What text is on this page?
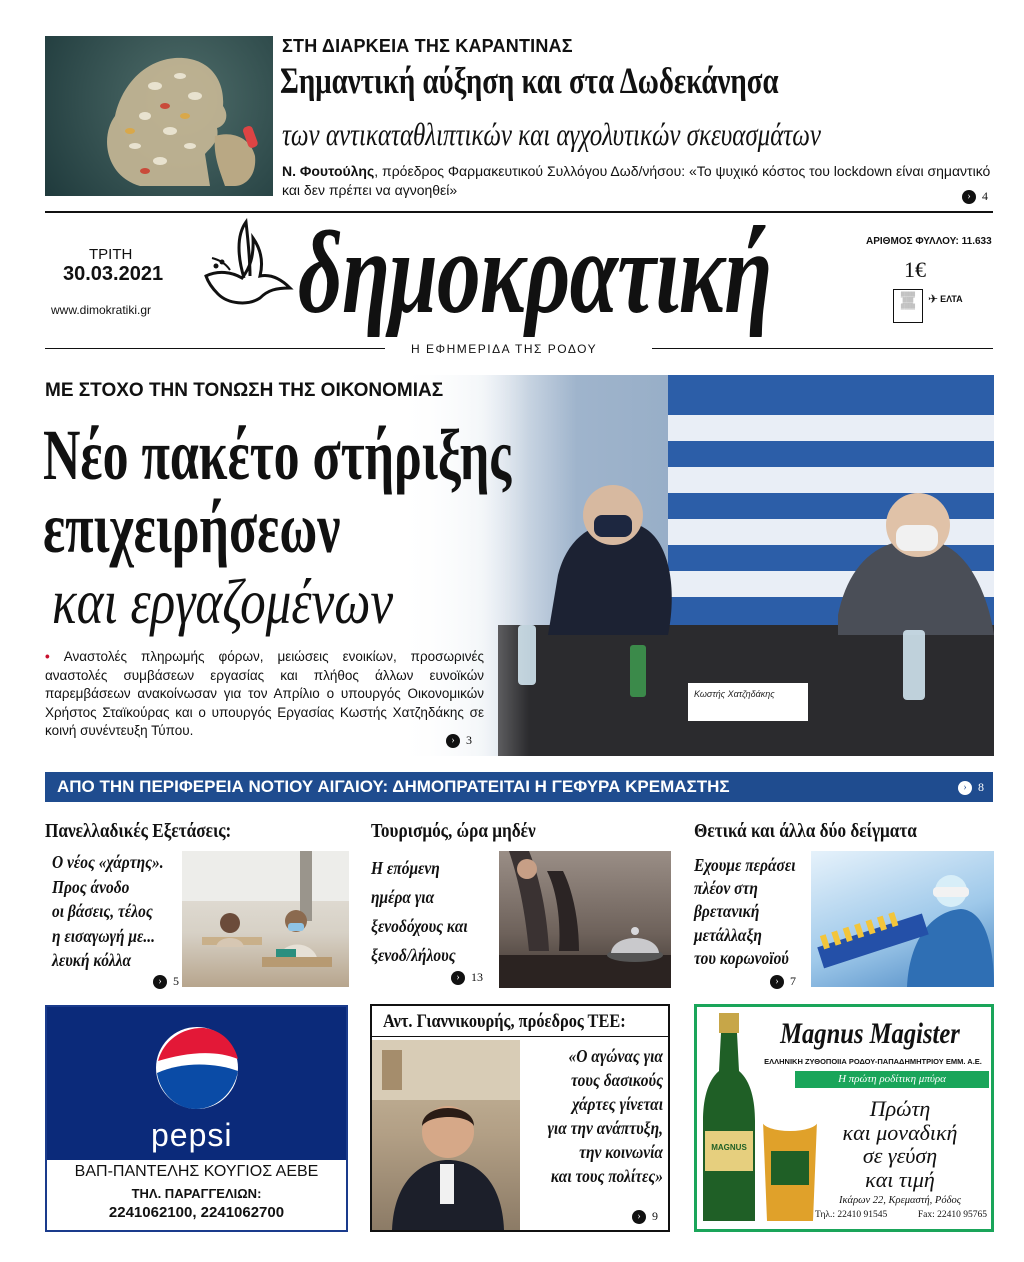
ΣΤΗ ΔΙΑΡΚΕΙΑ ΤΗΣ ΚΑΡΑΝΤΙΝΑΣ
Σημαντική αύξηση και στα Δωδεκάνησα
των αντικαταθλιπτικών και αγχολυτικών σκευασμάτων
Ν. Φουτούλης, πρόεδρος Φαρμακευτικού Συλλόγου Δωδ/νήσου: «Το ψυχικό κόστος του lockdown είναι σημαντικό και δεν πρέπει να αγνοηθεί»	› 4
ΤΡΙΤΗ
30.03.2021
www.dimokratiki.gr δημοκρατική	ΑΡΙΘΜΟΣ ΦΥΛΛΟΥ: 11.633
1€
▒▒▒▒
▒▒▒
▒▒▒▒
✈ ΕΛΤΑ
Η ΕΦΗΜΕΡΙΔΑ ΤΗΣ ΡΟΔΟΥ
Κωστής Χατζηδάκης
ΜΕ ΣΤΟΧΟ ΤΗΝ ΤΟΝΩΣΗ ΤΗΣ ΟΙΚΟΝΟΜΙΑΣ
Νέο πακέτο στήριξης
επιχειρήσεων
και εργαζομένων
• Αναστολές πληρωμής φόρων, μειώσεις ενοικίων, προσωρινές αναστολές συμβάσεων εργασίας και πλήθος άλλων ευνοϊκών παρεμβάσεων ανακοίνωσαν για τον Απρίλιο ο υπουργός Οικονομικών Χρήστος Σταϊκούρας και ο υπουργός Εργασίας Κωστής Χατζηδάκης σε κοινή συνέντευξη Τύπου.
› 3
ΑΠΟ ΤΗΝ ΠΕΡΙΦΕΡΕΙΑ ΝΟΤΙΟΥ ΑΙΓΑΙΟΥ: ΔΗΜΟΠΡΑΤΕΙΤΑΙ Η ΓΕΦΥΡΑ ΚΡΕΜΑΣΤΗΣ	› 8
Πανελλαδικές Εξετάσεις:
Ο νέος «χάρτης».
Προς άνοδο
οι βάσεις, τέλος
η εισαγωγή με...
λευκή κόλλα
› 5
Τουρισμός, ώρα μηδέν
Η επόμενη
ημέρα για
ξενοδόχους και
ξενοδ/λήλους
› 13
Θετικά και άλλα δύο δείγματα
Εχουμε περάσει
πλέον στη
βρετανική
μετάλλαξη
του κορωνοϊού
› 7
pepsi
ΒΑΠ-ΠΑΝΤΕΛΗΣ ΚΟΥΓΙΟΣ ΑΕΒΕ
ΤΗΛ. ΠΑΡΑΓΓΕΛΙΩΝ:
2241062100, 2241062700
Αντ. Γιαννικουρής, πρόεδρος ΤΕΕ:
«Ο αγώνας για
τους δασικούς
χάρτες γίνεται
για την ανάπτυξη,
την κοινωνία
και τους πολίτες»
› 9
MAGNUS
Magnus Magister
ΕΛΛΗΝΙΚΗ ΖΥΘΟΠΟΙΙΑ ΡΟΔΟΥ-ΠΑΠΑΔΗΜΗΤΡΙΟΥ ΕΜΜ. Α.Ε.
Η πρώτη ροδίτικη μπύρα
Πρώτη
και μοναδική
σε γεύση
και τιμή
Ικάρων 22, Κρεμαστή, Ρόδος
Τηλ.: 22410 91545	Fax: 22410 95765
